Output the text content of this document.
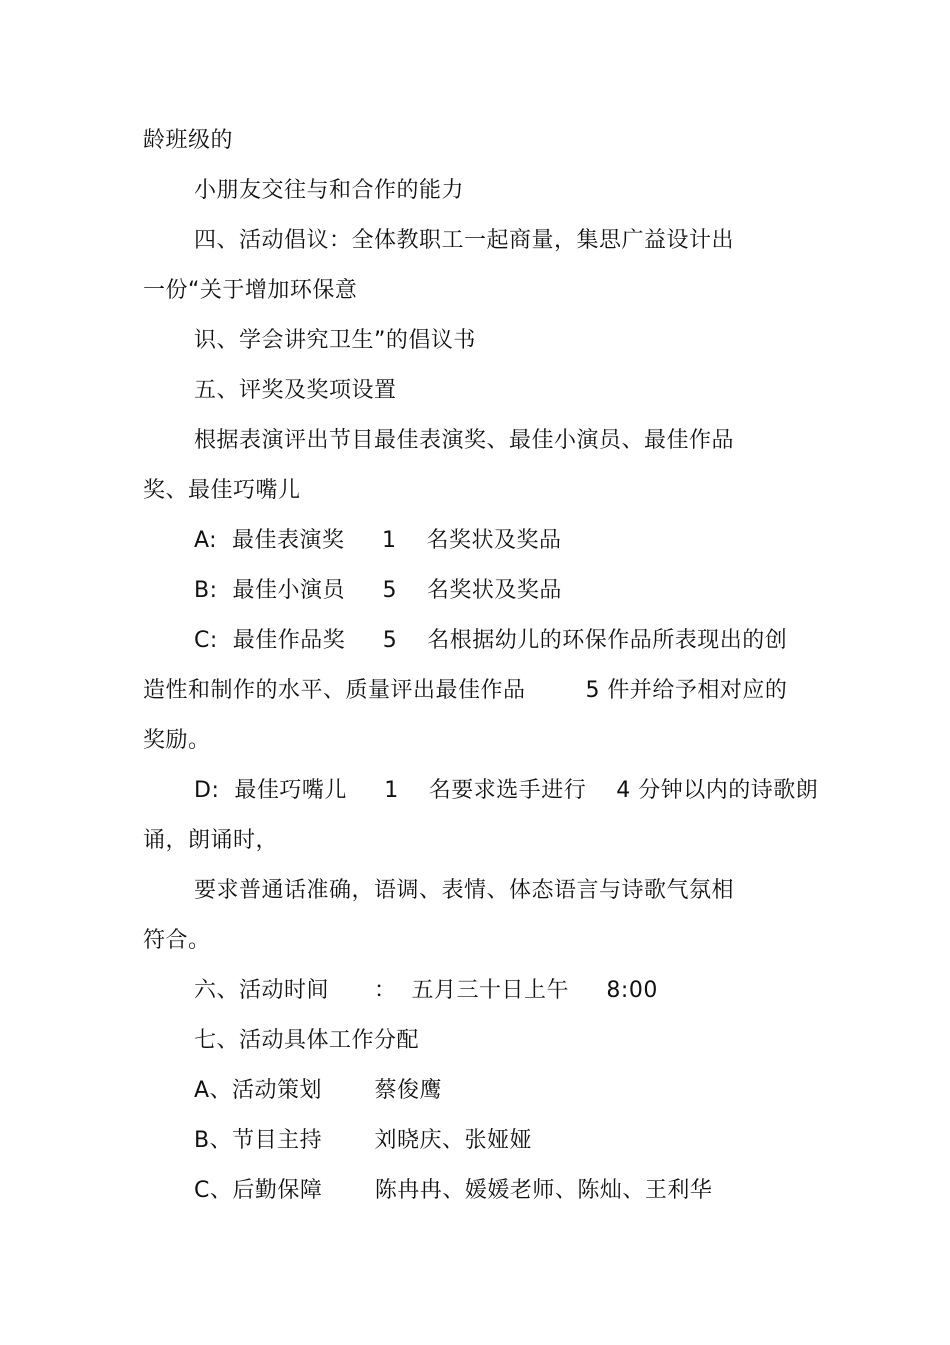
龄班级的

小朋友交往与和合作的能力

四、活动倡议：全体教职工一起商量，集思广益设计出

一份“关于增加环保意

识、学会讲究卫生”的倡议书

五、评奖及奖项设置

根据表演评出节目最佳表演奖、最佳小演员、最佳作品

奖、最佳巧嘴儿

A:  最佳表演奖     1    名奖状及奖品

B:  最佳小演员     5    名奖状及奖品

C:  最佳作品奖     5    名根据幼儿的环保作品所表现出的创

造性和制作的水平、质量评出最佳作品        5 件并给予相对应的

奖励。

D:  最佳巧嘴儿     1    名要求选手进行    4 分钟以内的诗歌朗

诵，朗诵时，

要求普通话准确，语调、表情、体态语言与诗歌气氛相

符合。

六、活动时间      ：  五月三十日上午     8:00

七、活动具体工作分配

A、活动策划       蔡俊鹰

B、节目主持       刘晓庆、张娅娅

C、后勤保障       陈冉冉、媛媛老师、陈灿、王利华
